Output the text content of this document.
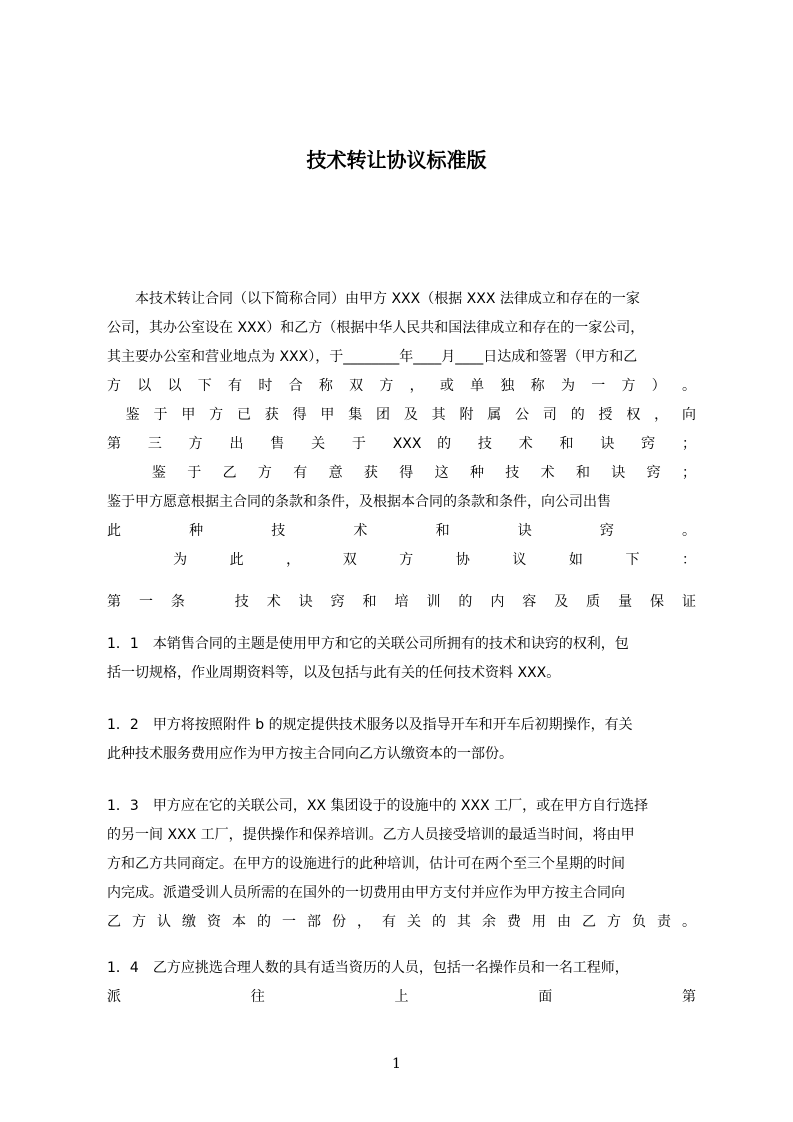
技术转让协议标准版
　　本技术转让合同（以下简称合同）由甲方 XXX（根据 XXX 法律成立和存在的一家
公司，其办公室设在 XXX）和乙方（根据中华人民共和国法律成立和存在的一家公司，
其主要办公室和营业地点为 XXX），于________年____月____日达成和签署（甲方和乙
方 以 以 下 有 时 合 称 双 方 ， 或 单 独 称 为 一 方 ） 。
　鉴 于 甲 方 已 获 得 甲 集 团 及 其 附 属 公 司 的 授 权 ， 向
第 三 方 出 售 关 于 XXX 的 技 术 和 诀 窍 ；
　　鉴 于 乙 方 有 意 获 得 这 种 技 术 和 诀 窍 ；
鉴于甲方愿意根据主合同的条款和条件，及根据本合同的条款和条件，向公司出售
此 种 技 术 和 诀 窍 。
　　为 此 ， 双 方 协 议 如 下 ：
第 一 条 　 技 术 诀 窍 和 培 训 的 内 容 及 质 量 保 证
1．1　本销售合同的主题是使用甲方和它的关联公司所拥有的技术和诀窍的权利，包
括一切规格，作业周期资料等，以及包括与此有关的任何技术资料 XXX。
1．2　甲方将按照附件 b 的规定提供技术服务以及指导开车和开车后初期操作，有关
此种技术服务费用应作为甲方按主合同向乙方认缴资本的一部份。
1．3　甲方应在它的关联公司，XX 集团设于的设施中的 XXX 工厂，或在甲方自行选择
的另一间 XXX 工厂，提供操作和保养培训。乙方人员接受培训的最适当时间，将由甲
方和乙方共同商定。在甲方的设施进行的此种培训，估计可在两个至三个星期的时间
内完成。派遣受训人员所需的在国外的一切费用由甲方支付并应作为甲方按主合同向
乙 方 认 缴 资 本 的 一 部 份 ， 有 关 的 其 余 费 用 由 乙 方 负 责 。
1．4　乙方应挑选合理人数的具有适当资历的人员，包括一名操作员和一名工程师，
派 往 上 面 第
1
